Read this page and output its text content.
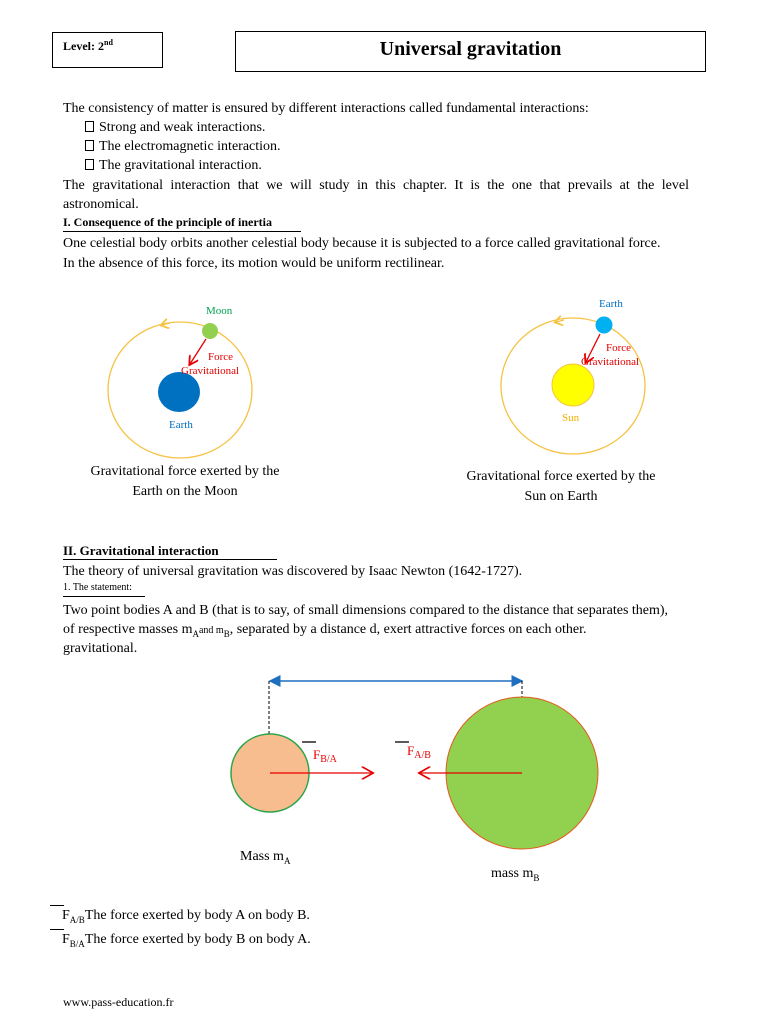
Level: 2nd	Universal gravitation
The consistency of matter is ensured by different interactions called fundamental interactions:
Strong and weak interactions.
The electromagnetic interaction.
The gravitational interaction.
The gravitational interaction that we will study in this chapter. It is the one that prevails at the level
astronomical.
I. Consequence of the principle of inertia
One celestial body orbits another celestial body because it is subjected to a force called gravitational force.
In the absence of this force, its motion would be uniform rectilinear.
Moon
Earth
Force
Gravitational
Gravitational force exerted by the
Earth on the Moon
Earth
Sun
Force
Gravitational
Gravitational force exerted by the
Sun on Earth
II. Gravitational interaction
The theory of universal gravitation was discovered by Isaac Newton (1642-1727).
1. The statement:
Two point bodies A and B (that is to say, of small dimensions compared to the distance that separates them),
of respective masses $m_Aand$ $m_B$, separated by a distance d, exert attractive forces on each other.
gravitational.
$F_{B/A}$
$F_{A/B}$
Mass $m_A$
mass $m_B$
$F_{A/B}The$ force exerted by body A on body B.
$F_{B/A}The$ force exerted by body B on body A.
www.pass-education.fr
